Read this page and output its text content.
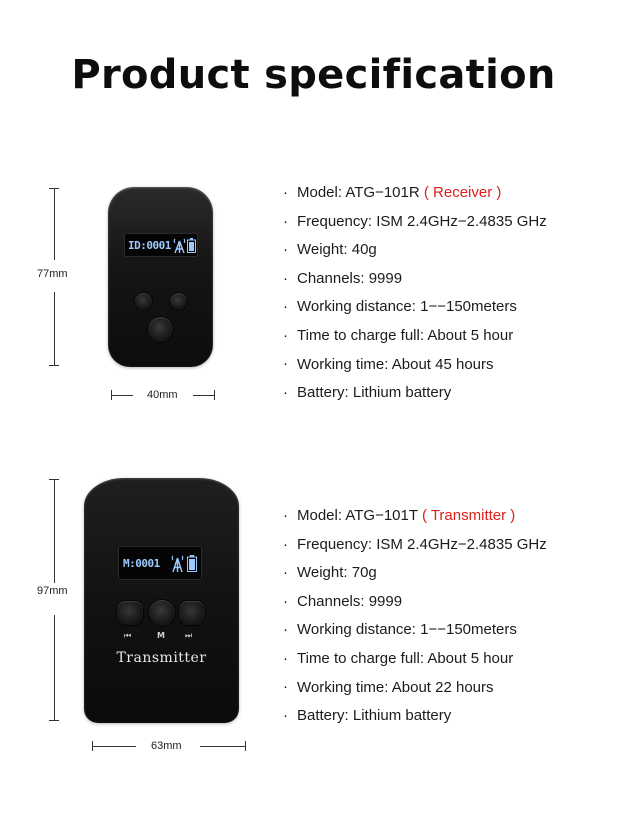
Product specification
77mm
ID:0001
40mm
· Model: ATG−101R ( Receiver )
· Frequency: ISM 2.4GHz−2.4835 GHz
· Weight: 40g
· Channels: 9999
· Working distance: 1−−150meters
· Time to charge full: About 5 hour
· Working time: About 45 hours
· Battery: Lithium battery
97mm
M:0001
⏮	M	⏭
Transmitter
63mm
· Model: ATG−101T ( Transmitter )
· Frequency: ISM 2.4GHz−2.4835 GHz
· Weight: 70g
· Channels: 9999
· Working distance: 1−−150meters
· Time to charge full: About 5 hour
· Working time: About 22 hours
· Battery: Lithium battery
